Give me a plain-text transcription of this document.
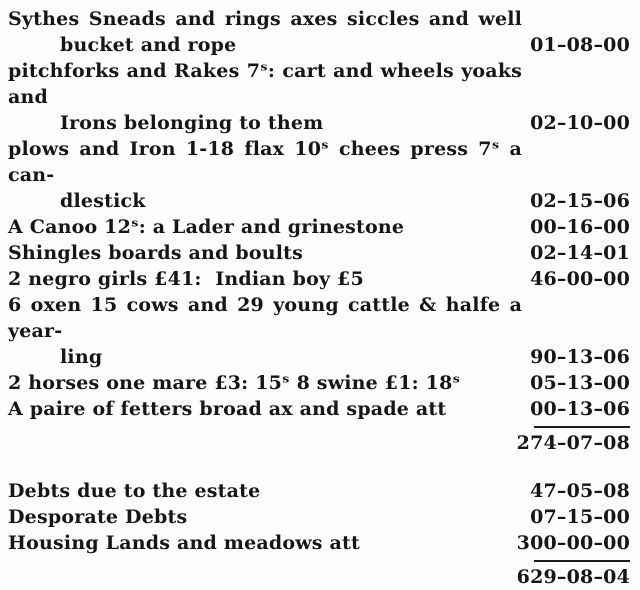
Sythes Sneads and rings axes siccles and well
bucket and rope	01–08–00
pitchforks and Rakes 7ˢ: cart and wheels yoaks and
Irons belonging to them	02–10–00
plows and Iron 1-18 flax 10ˢ chees press 7ˢ a can-
dlestick	02–15–06
A Canoo 12ˢ: a Lader and grinestone	00–16–00
Shingles boards and boults	02–14–01
2 negro girls £41:  Indian boy £5	46–00–00
6 oxen 15 cows and 29 young cattle & halfe a year-
ling	90–13–06
2 horses one mare £3: 15ˢ 8 swine £1: 18ˢ	05–13–00
A paire of fetters broad ax and spade att	00–13–06
274–07–08
Debts due to the estate	47–05–08
Desporate Debts	07–15–00
Housing Lands and meadows att	300–00–00
629–08–04
